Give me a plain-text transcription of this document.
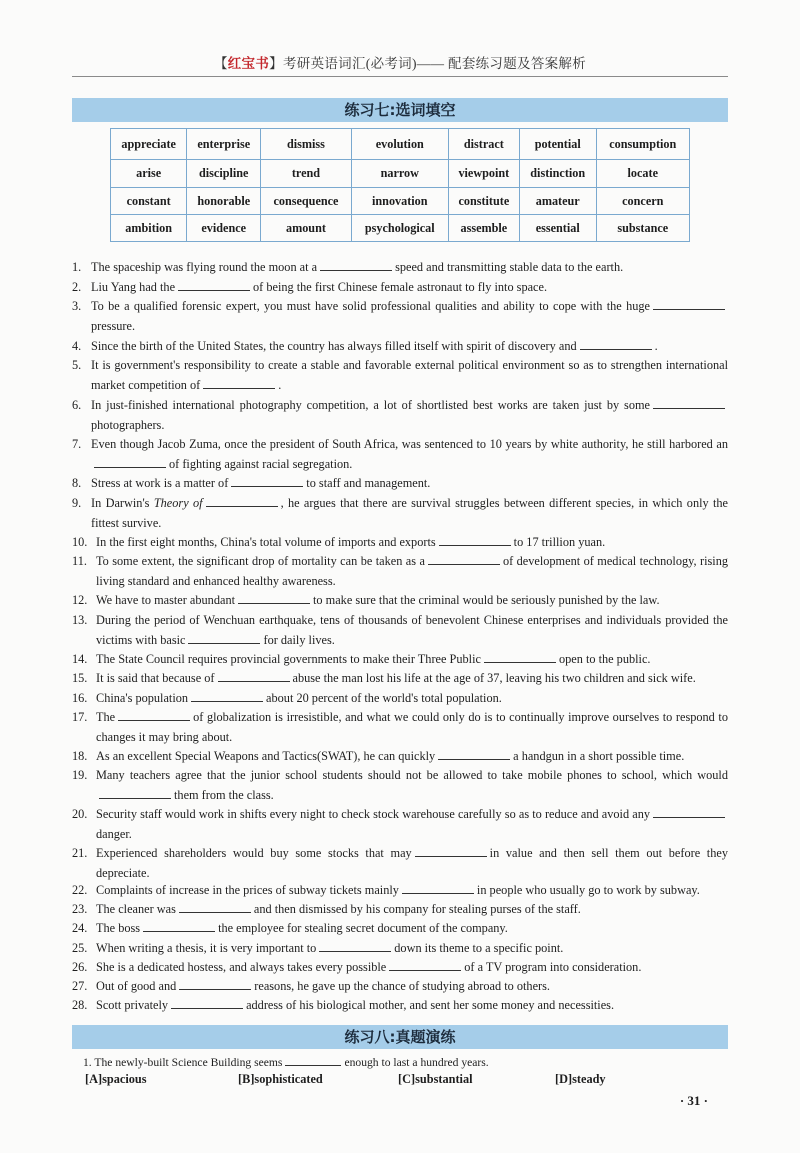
【红宝书】考研英语词汇(必考词)—— 配套练习题及答案解析
练习七:选词填空
appreciate	enterprise	dismiss	evolution	distract	potential	consumption
arise	discipline	trend	narrow	viewpoint	distinction	locate
constant	honorable	consequence	innovation	constitute	amateur	concern
ambition	evidence	amount	psychological	assemble	essential	substance
1. The spaceship was flying round the moon at a	speed and transmitting stable data to the earth.
2. Liu Yang had the	of being the first Chinese female astronaut to fly into space.
3. To be a qualified forensic expert, you must have solid professional qualities and ability to cope with the hugepressure.
4. Since the birth of the United States, the country has always filled itself with spirit of discovery and	.
5. It is government's responsibility to create a stable and favorable external political environment so as to strengthen international market competition of	.
6. In just-finished international photography competition, a lot of shortlisted best works are taken just by somephotographers.
7. Even though Jacob Zuma, once the president of South Africa, was sentenced to 10 years by white authority, he still harbored anof fighting against racial segregation.
8. Stress at work is a matter of	to staff and management.
9. In Darwin's Theory of	, he argues that there are survival struggles between different species, in which only the fittest survive.
10. In the first eight months, China's total volume of imports and exports	to 17 trillion yuan.
11. To some extent, the significant drop of mortality can be taken as a	of development of medical technology, rising living standard and enhanced healthy awareness.
12. We have to master abundant	to make sure that the criminal would be seriously punished by the law.
13. During the period of Wenchuan earthquake, tens of thousands of benevolent Chinese enterprises and individuals provided the victims with basic	for daily lives.
14. The State Council requires provincial governments to make their Three Public	open to the public.
15. It is said that because of	abuse the man lost his life at the age of 37, leaving his two children and sick wife.
16. China's population	about 20 percent of the world's total population.
17. The	of globalization is irresistible, and what we could only do is to continually improve ourselves to respond to changes it may bring about.
18. As an excellent Special Weapons and Tactics(SWAT), he can quickly	a handgun in a short possible time.
19. Many teachers agree that the junior school students should not be allowed to take mobile phones to school, which wouldthem from the class.
20. Security staff would work in shifts every night to check stock warehouse carefully so as to reduce and avoid anydanger.
21. Experienced shareholders would buy some stocks that may	in value and then sell them out before they depreciate.
22. Complaints of increase in the prices of subway tickets mainly	in people who usually go to work by subway.
23. The cleaner was	and then dismissed by his company for stealing purses of the staff.
24. The boss	the employee for stealing secret document of the company.
25. When writing a thesis, it is very important to	down its theme to a specific point.
26. She is a dedicated hostess, and always takes every possible	of a TV program into consideration.
27. Out of good and	reasons, he gave up the chance of studying abroad to others.
28. Scott privately	address of his biological mother, and sent her some money and necessities.
练习八:真题演练
1. The newly-built Science Building seems	enough to last a hundred years.
[A]spacious	[B]sophisticated	[C]substantial	[D]steady
· 31 ·
